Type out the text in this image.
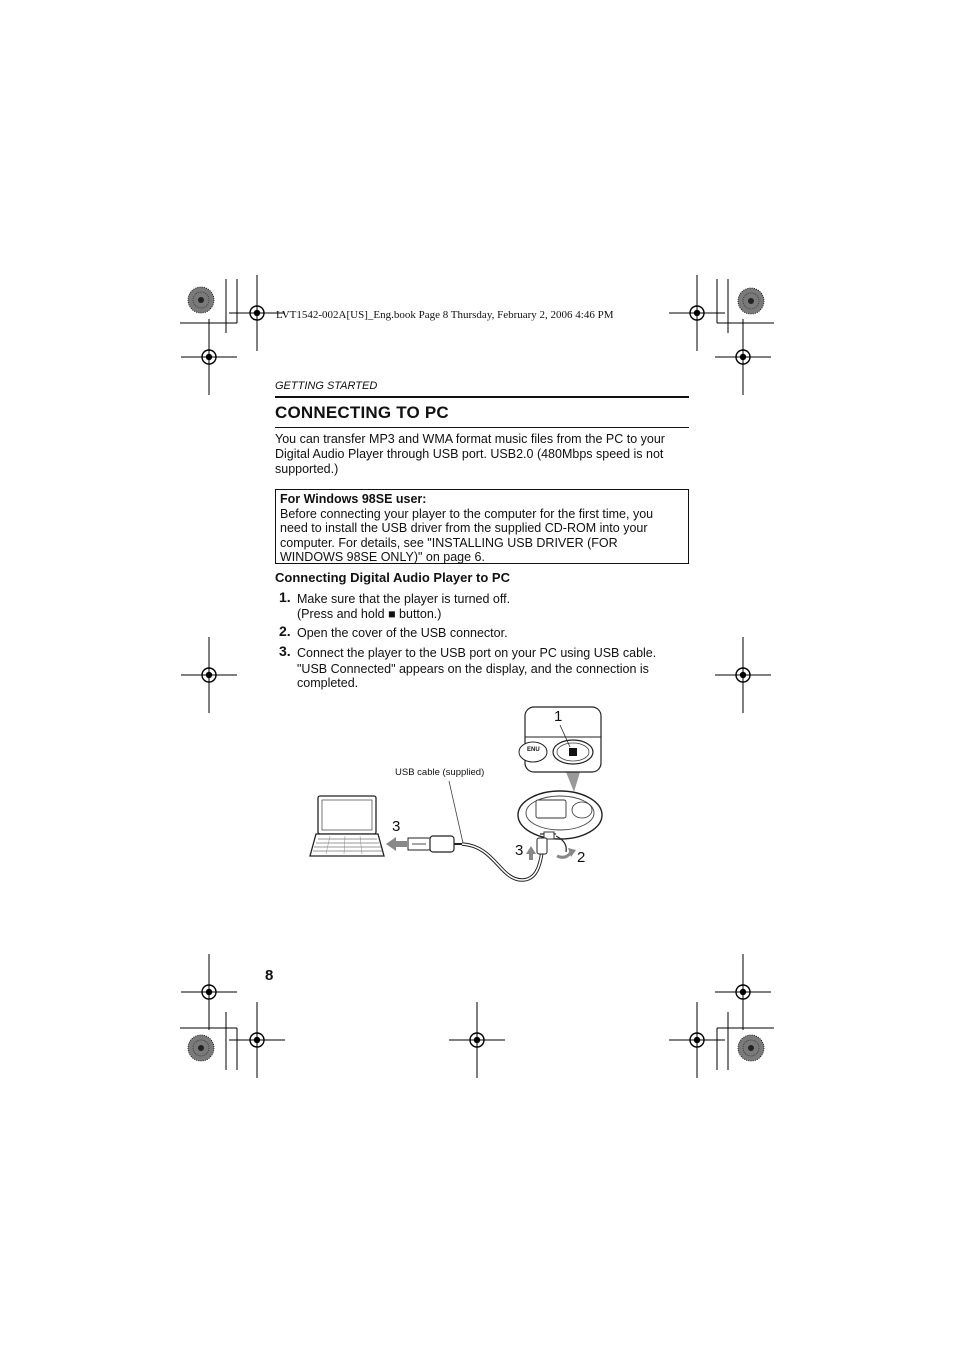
LVT1542-002A[US]_Eng.book Page 8 Thursday, February 2, 2006 4:46 PM
GETTING STARTED
CONNECTING TO PC
You can transfer MP3 and WMA format music files from the PC to your Digital Audio Player through USB port. USB2.0 (480Mbps speed is not supported.)
For Windows 98SE user:
Before connecting your player to the computer for the first time, you need to install the USB driver from the supplied CD-ROM into your computer. For details, see "INSTALLING USB DRIVER (FOR WINDOWS 98SE ONLY)" on page 6.
Connecting Digital Audio Player to PC
1. Make sure that the player is turned off.
(Press and hold ■ button.)
2. Open the cover of the USB connector.
3. Connect the player to the USB port on your PC using USB cable.
"USB Connected" appears on the display, and the connection is
completed.
USB cable (supplied)
1
ENU
3
3	2
8
